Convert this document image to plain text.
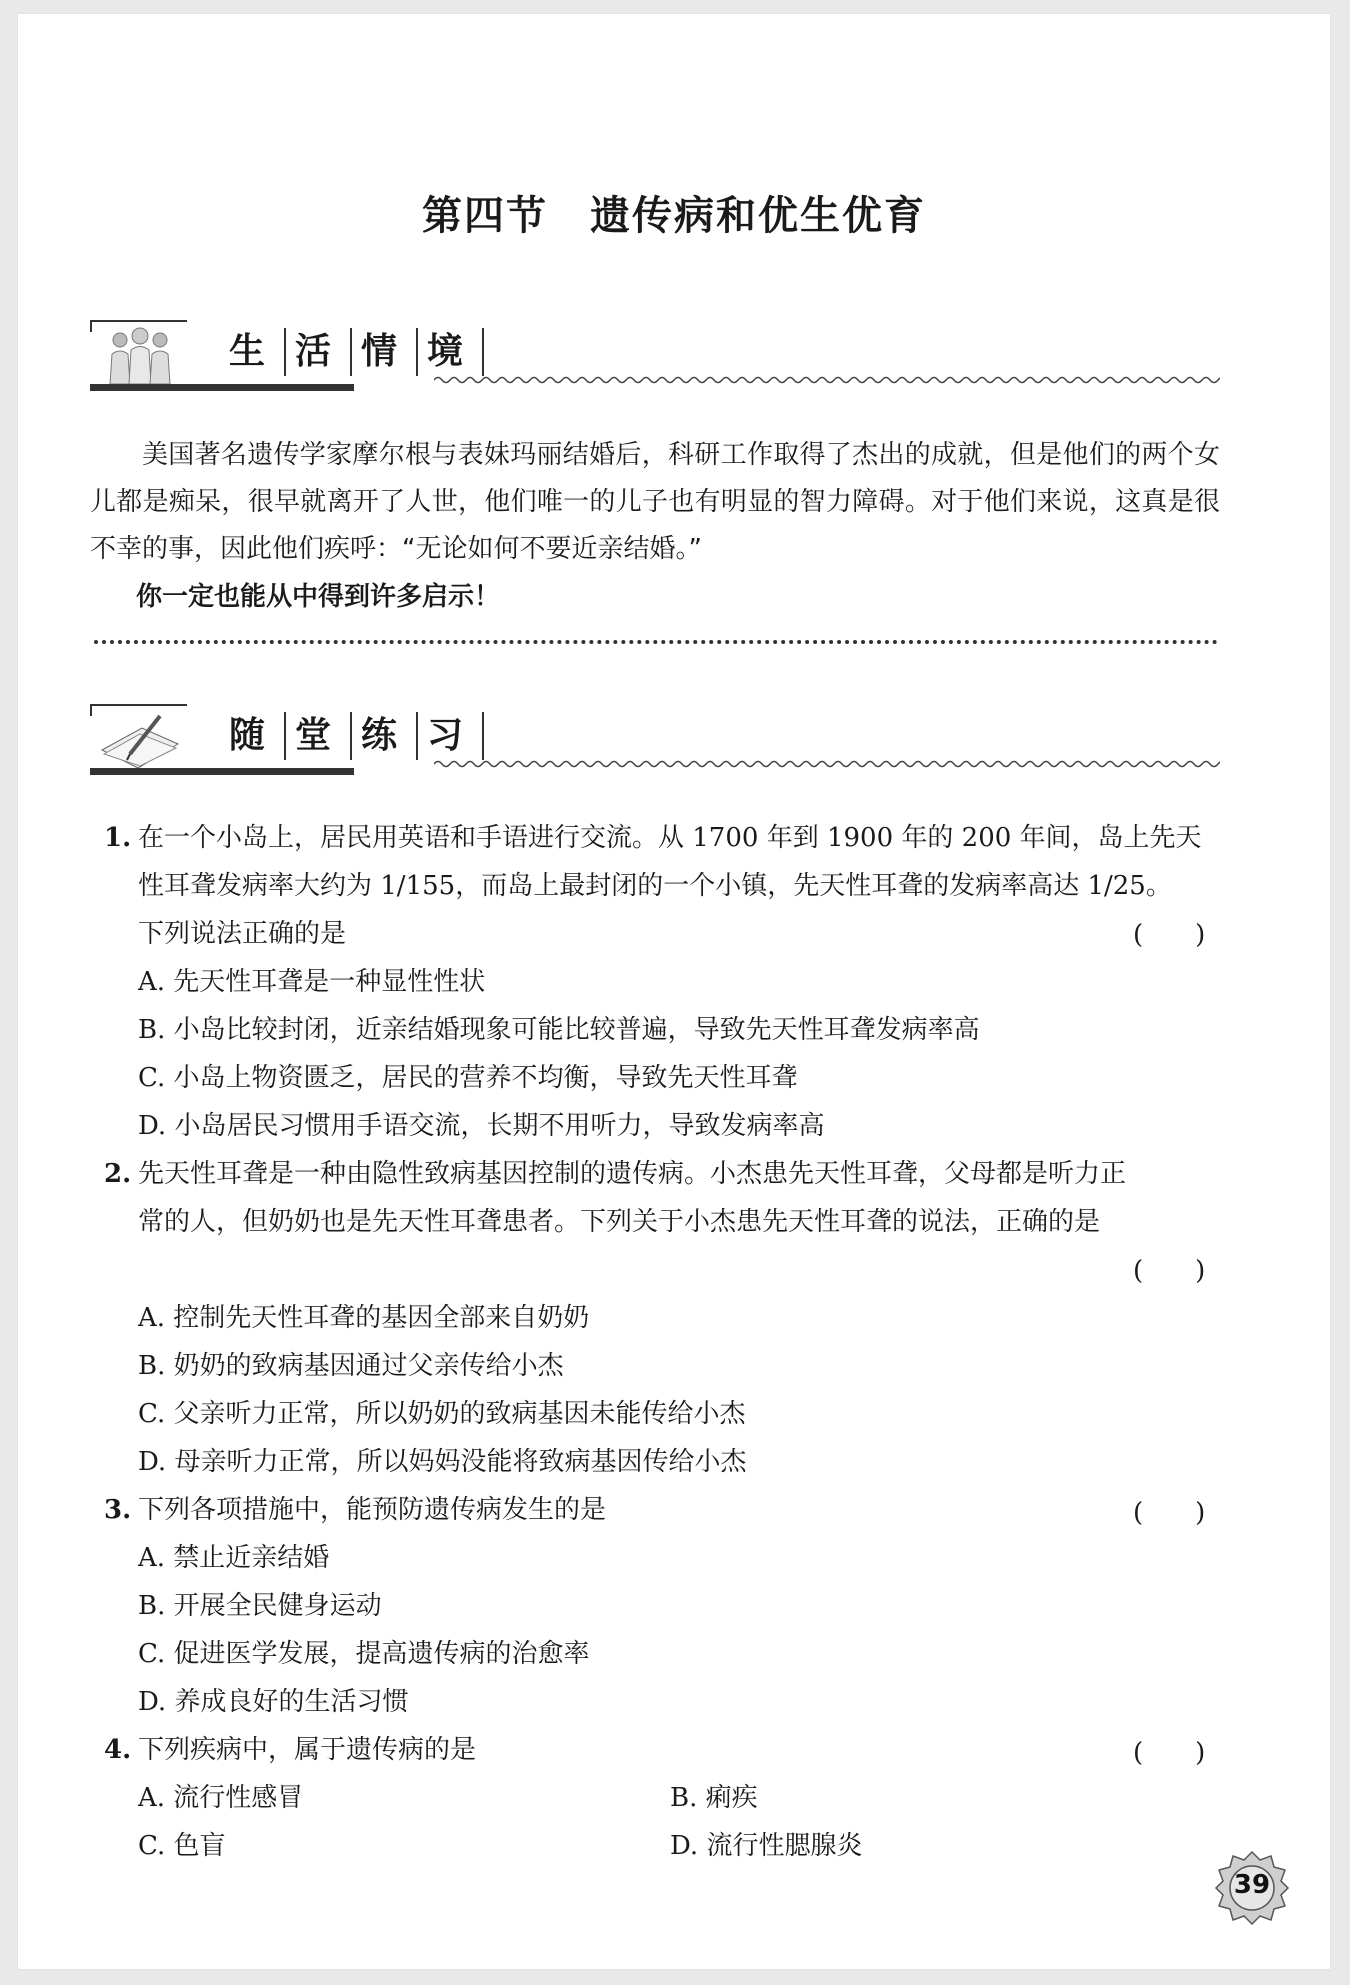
第四节　遗传病和优生优育
生 活 情 境
美国著名遗传学家摩尔根与表妹玛丽结婚后，科研工作取得了杰出的成就，但是他们的两个女儿都是痴呆，很早就离开了人世，他们唯一的儿子也有明显的智力障碍。对于他们来说，这真是很不幸的事，因此他们疾呼：“无论如何不要近亲结婚。”
你一定也能从中得到许多启示！
随 堂 练 习
1. 在一个小岛上，居民用英语和手语进行交流。从 1700 年到 1900 年的 200 年间，岛上先天
性耳聋发病率大约为 1/155，而岛上最封闭的一个小镇，先天性耳聋的发病率高达 1/25。
下列说法正确的是	(　　)
A. 先天性耳聋是一种显性性状
B. 小岛比较封闭，近亲结婚现象可能比较普遍，导致先天性耳聋发病率高
C. 小岛上物资匮乏，居民的营养不均衡，导致先天性耳聋
D. 小岛居民习惯用手语交流，长期不用听力，导致发病率高
2. 先天性耳聋是一种由隐性致病基因控制的遗传病。小杰患先天性耳聋，父母都是听力正
常的人，但奶奶也是先天性耳聋患者。下列关于小杰患先天性耳聋的说法，正确的是
(　　)
A. 控制先天性耳聋的基因全部来自奶奶
B. 奶奶的致病基因通过父亲传给小杰
C. 父亲听力正常，所以奶奶的致病基因未能传给小杰
D. 母亲听力正常，所以妈妈没能将致病基因传给小杰
3. 下列各项措施中，能预防遗传病发生的是	(　　)
A. 禁止近亲结婚
B. 开展全民健身运动
C. 促进医学发展，提高遗传病的治愈率
D. 养成良好的生活习惯
4. 下列疾病中，属于遗传病的是	(　　)
A. 流行性感冒	B. 痢疾
C. 色盲	D. 流行性腮腺炎
39
